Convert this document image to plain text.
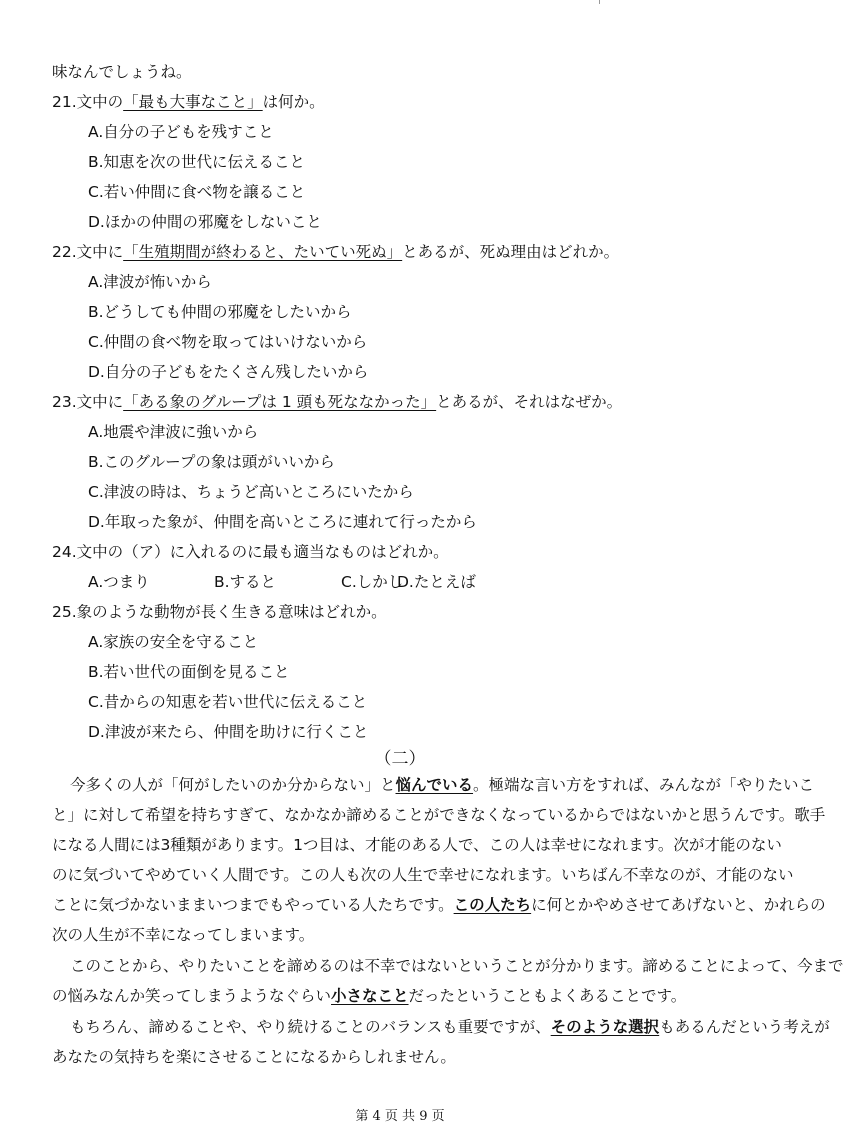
味なんでしょうね。
21.文中の「最も大事なこと」は何か。
A.自分の子どもを残すこと
B.知恵を次の世代に伝えること
C.若い仲間に食べ物を譲ること
D.ほかの仲間の邪魔をしないこと
22.文中に「生殖期間が終わると、たいてい死ぬ」とあるが、死ぬ理由はどれか。
A.津波が怖いから
B.どうしても仲間の邪魔をしたいから
C.仲間の食べ物を取ってはいけないから
D.自分の子どもをたくさん残したいから
23.文中に「ある象のグループは 1 頭も死ななかった」とあるが、それはなぜか。
A.地震や津波に強いから
B.このグループの象は頭がいいから
C.津波の時は、ちょうど高いところにいたから
D.年取った象が、仲間を高いところに連れて行ったから
24.文中の（ア）に入れるのに最も適当なものはどれか。
A.つまり	B.すると	C.しかし
D.たとえば
25.象のような動物が長く生きる意味はどれか。
A.家族の安全を守ること
B.若い世代の面倒を見ること
C.昔からの知恵を若い世代に伝えること
D.津波が来たら、仲間を助けに行くこと
（二）
今多くの人が「何がしたいのか分からない」と悩んでいる。極端な言い方をすれば、みんなが「やりたいこ
と」に対して希望を持ちすぎて、なかなか諦めることができなくなっているからではないかと思うんです。歌手
になる人間には3種類があります。1つ目は、才能のある人で、この人は幸せになれます。次が才能のない
のに気づいてやめていく人間です。この人も次の人生で幸せになれます。いちばん不幸なのが、才能のない
ことに気づかないままいつまでもやっている人たちです。この人たちに何とかやめさせてあげないと、かれらの
次の人生が不幸になってしまいます。
このことから、やりたいことを諦めるのは不幸ではないということが分かります。諦めることによって、今まで
の悩みなんか笑ってしまうようなぐらい小さなことだったということもよくあることです。
もちろん、諦めることや、やり続けることのバランスも重要ですが、そのような選択もあるんだという考えが
あなたの気持ちを楽にさせることになるからしれません。
第 4 页 共 9 页
